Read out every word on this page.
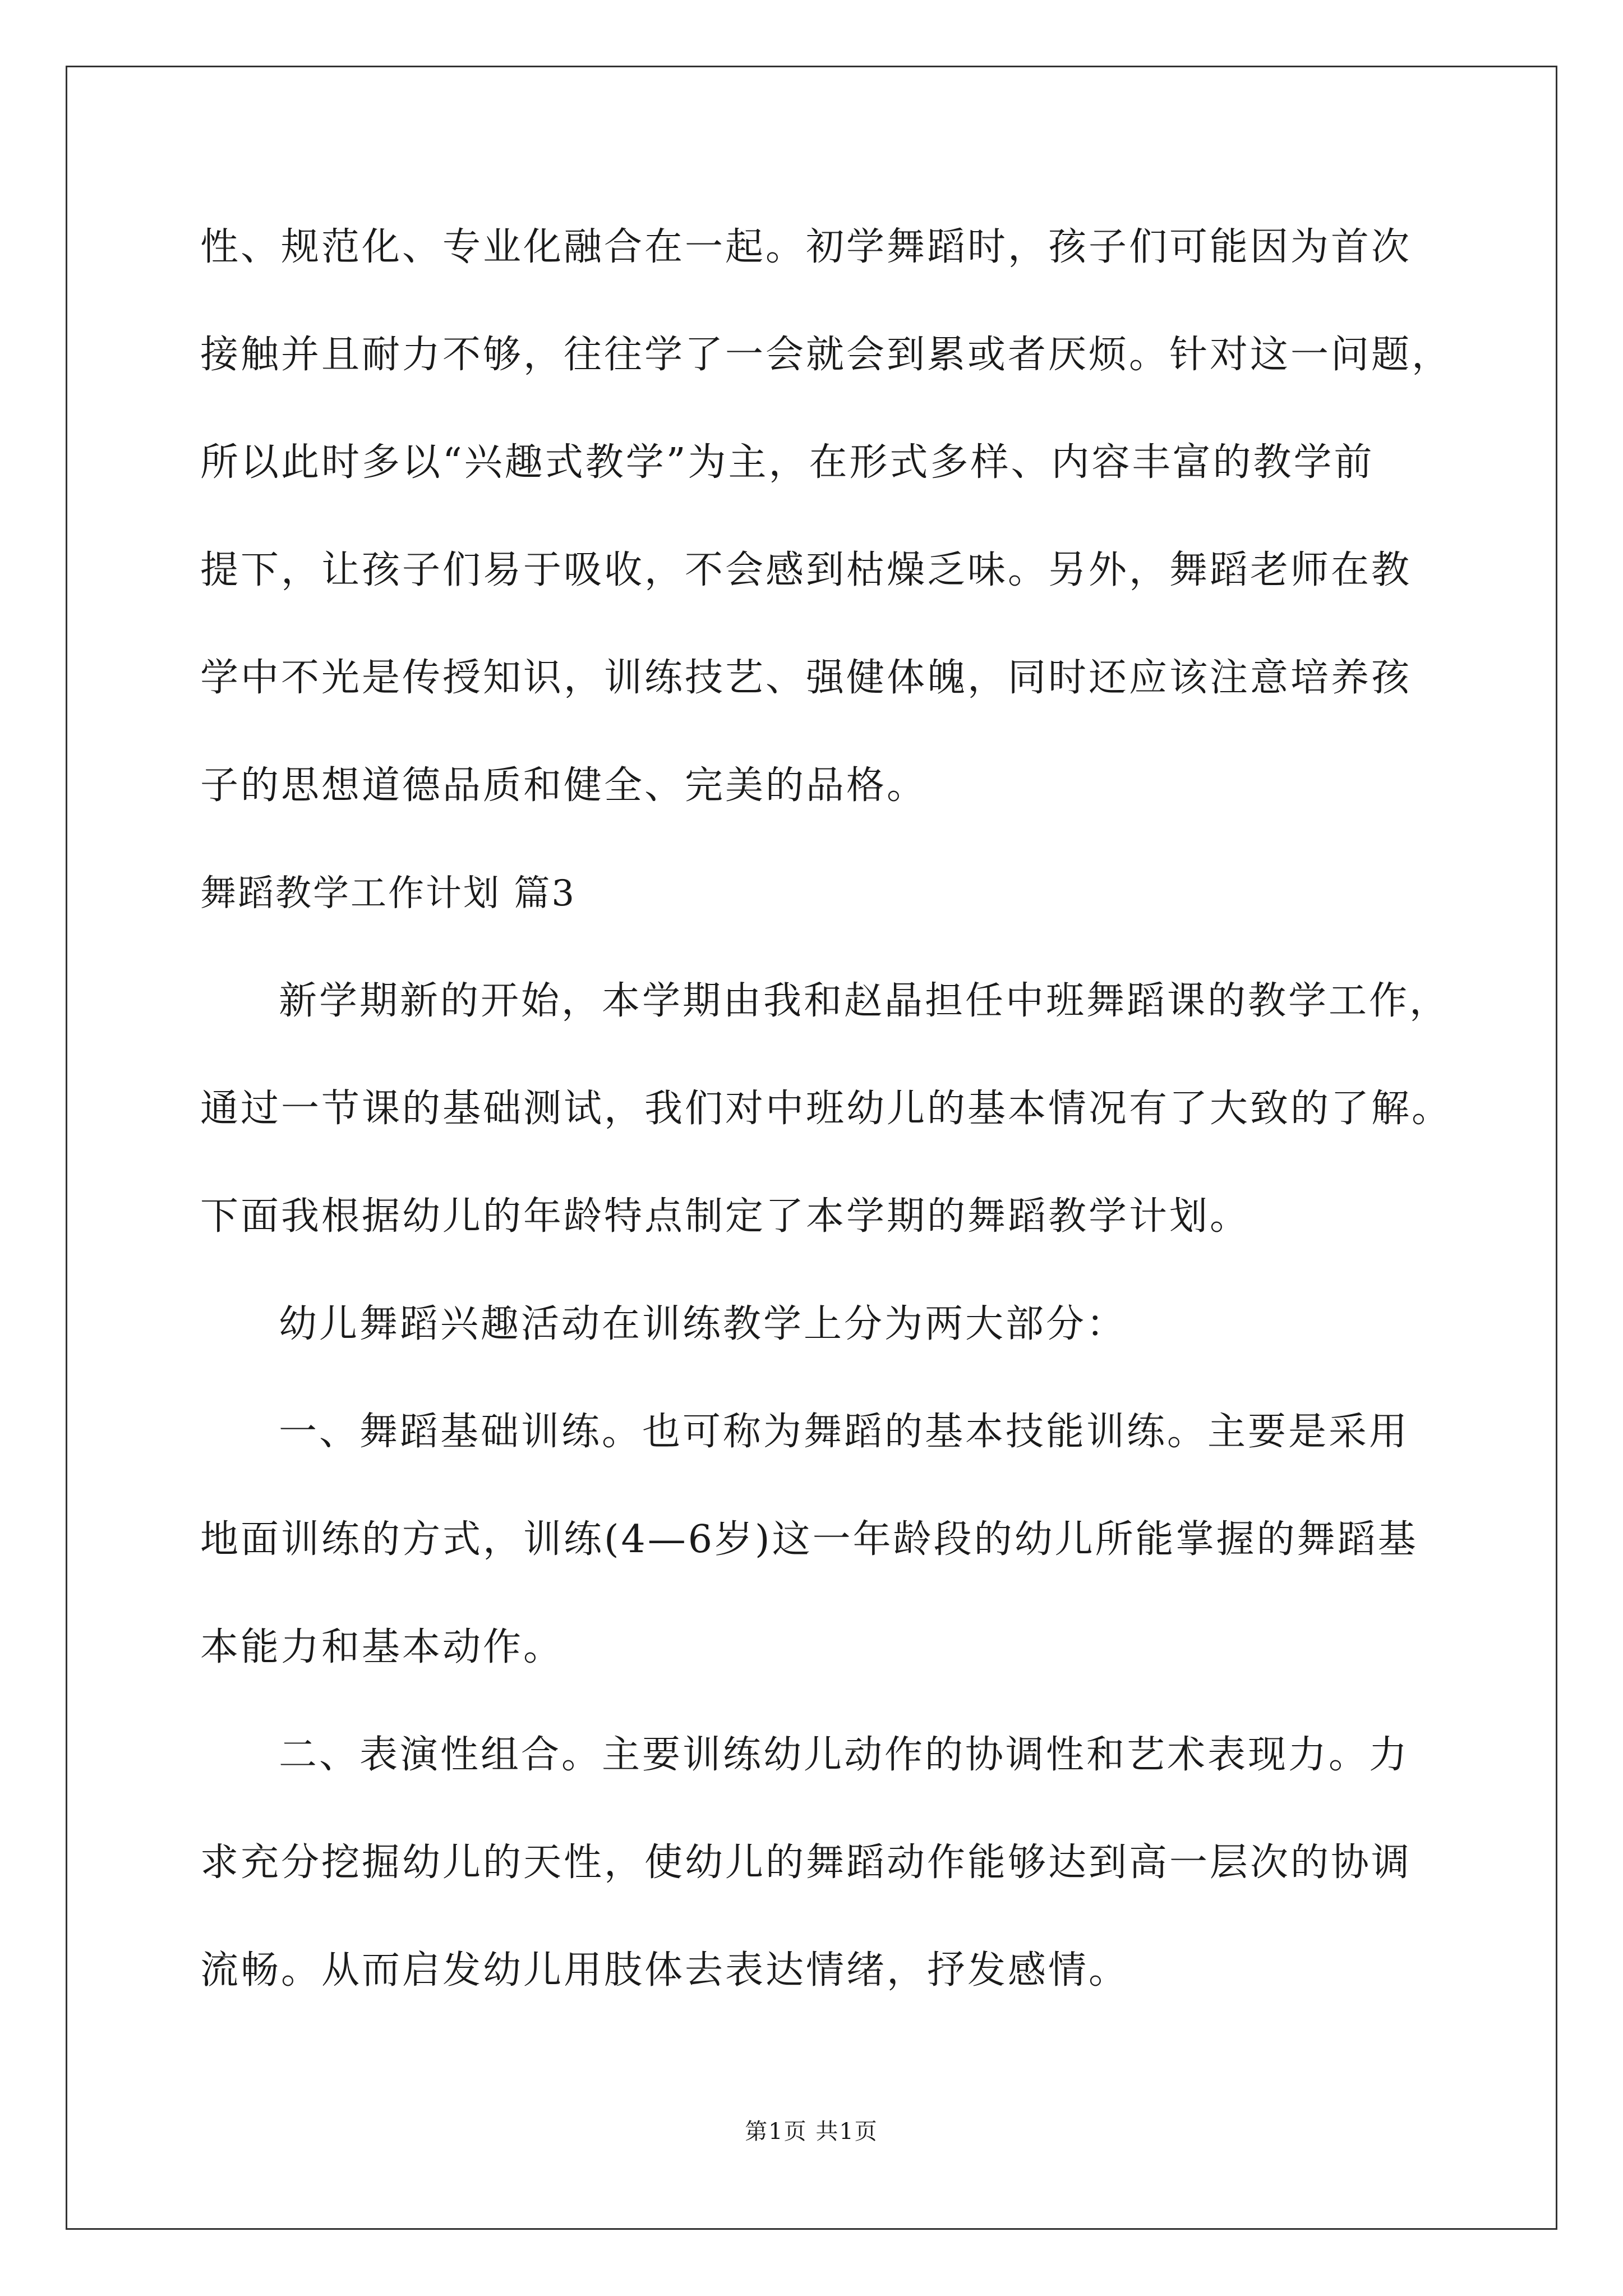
性、规范化、专业化融合在一起。初学舞蹈时，孩子们可能因为首次
接触并且耐力不够，往往学了一会就会到累或者厌烦。针对这一问题，
所以此时多以“兴趣式教学”为主，在形式多样、内容丰富的教学前
提下，让孩子们易于吸收，不会感到枯燥乏味。另外，舞蹈老师在教
学中不光是传授知识，训练技艺、强健体魄，同时还应该注意培养孩
子的思想道德品质和健全、完美的品格。
舞蹈教学工作计划 篇3
新学期新的开始，本学期由我和赵晶担任中班舞蹈课的教学工作，
通过一节课的基础测试，我们对中班幼儿的基本情况有了大致的了解。
下面我根据幼儿的年龄特点制定了本学期的舞蹈教学计划。
幼儿舞蹈兴趣活动在训练教学上分为两大部分：
一、舞蹈基础训练。也可称为舞蹈的基本技能训练。主要是采用
地面训练的方式，训练(4—6岁)这一年龄段的幼儿所能掌握的舞蹈基
本能力和基本动作。
二、表演性组合。主要训练幼儿动作的协调性和艺术表现力。力
求充分挖掘幼儿的天性，使幼儿的舞蹈动作能够达到高一层次的协调
流畅。从而启发幼儿用肢体去表达情绪，抒发感情。
第1页 共1页
